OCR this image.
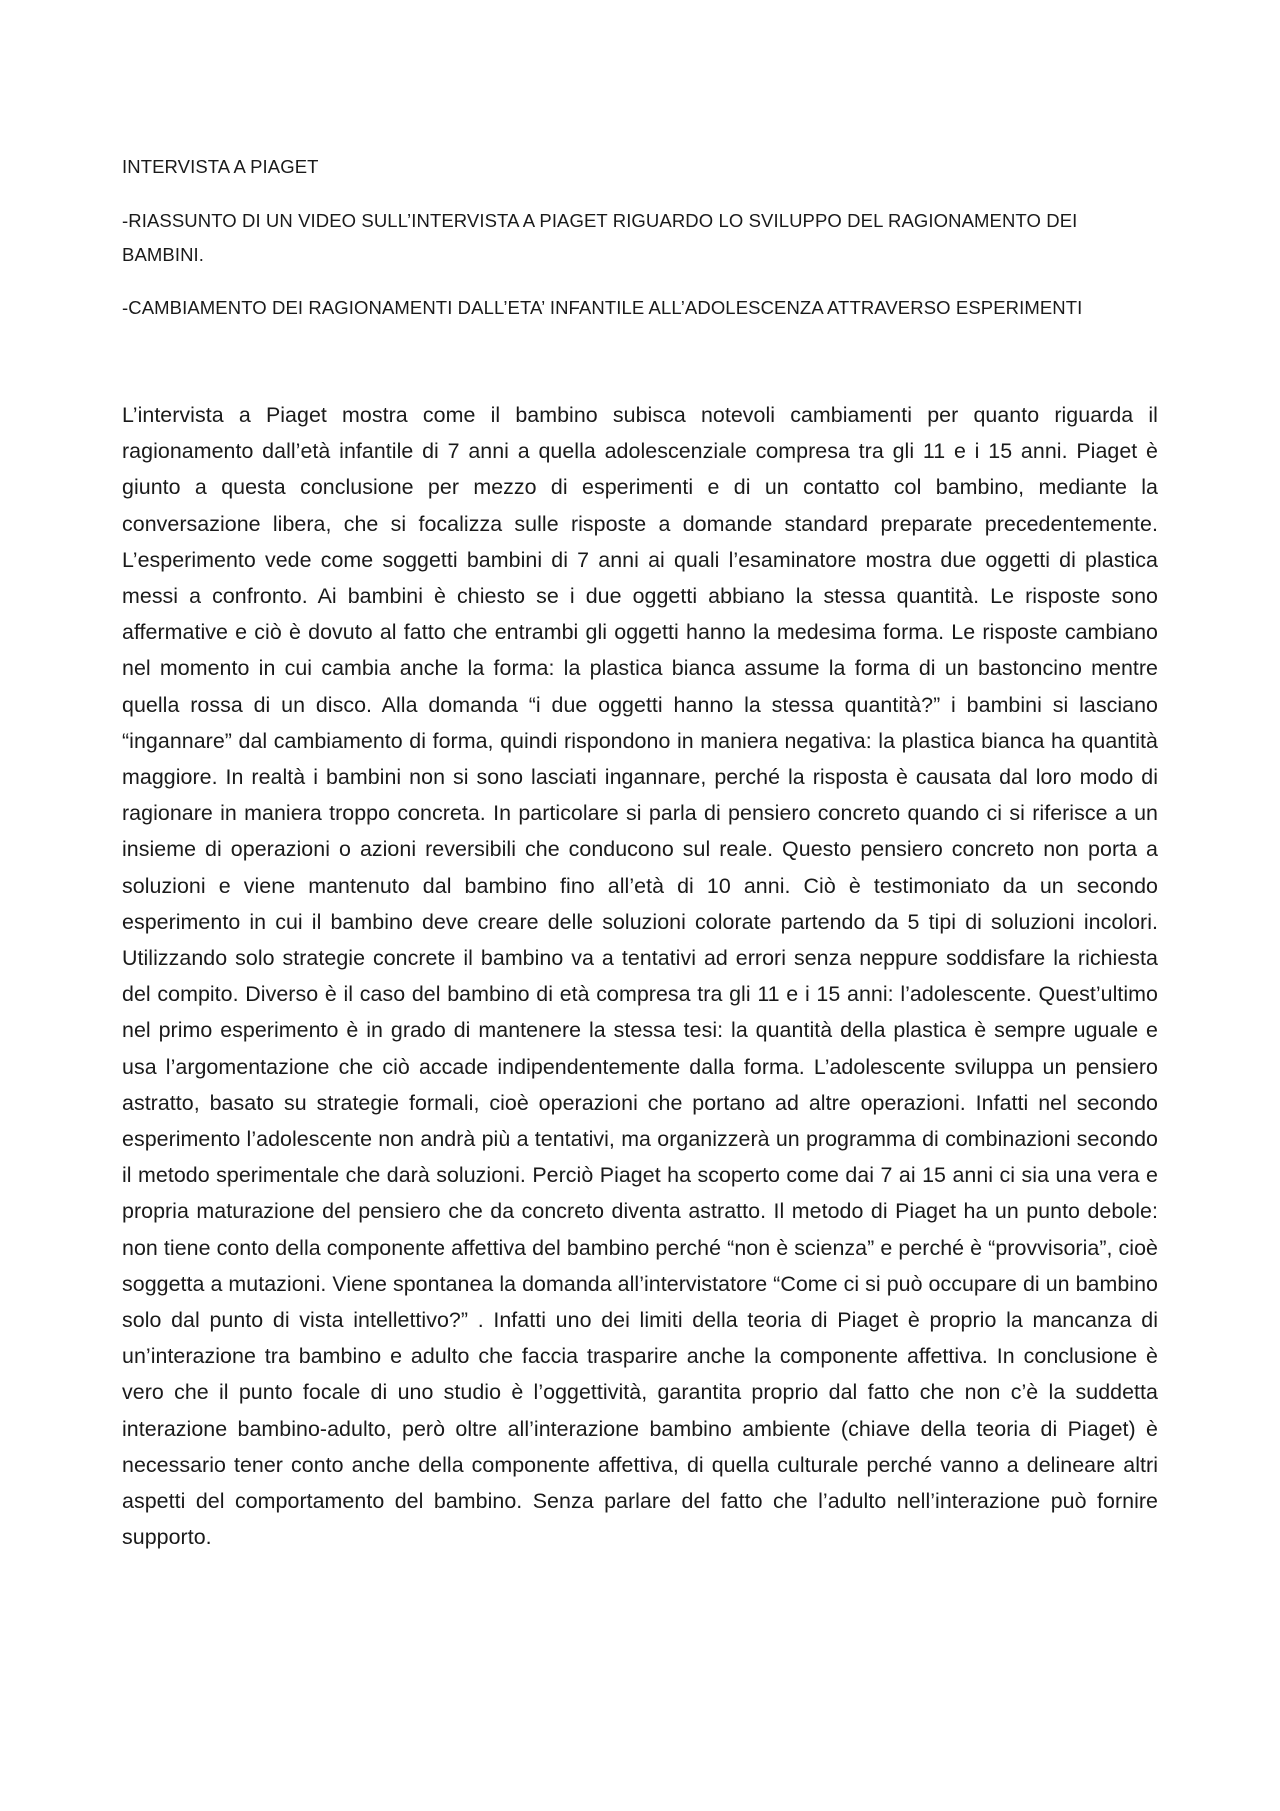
INTERVISTA A PIAGET

-RIASSUNTO DI UN VIDEO SULL’INTERVISTA A PIAGET RIGUARDO LO SVILUPPO DEL RAGIONAMENTO DEI BAMBINI.

-CAMBIAMENTO DEI RAGIONAMENTI DALL’ETA’ INFANTILE ALL’ADOLESCENZA ATTRAVERSO ESPERIMENTI

L’intervista a Piaget mostra come il bambino subisca notevoli cambiamenti per quanto riguarda il ragionamento dall’età infantile di 7 anni a quella adolescenziale compresa tra gli 11 e i 15 anni. Piaget è giunto a questa conclusione per mezzo di esperimenti e di un contatto col bambino, mediante la conversazione libera, che si focalizza sulle risposte a domande standard preparate precedentemente. L’esperimento vede come soggetti bambini di 7 anni ai quali l’esaminatore mostra due oggetti di plastica messi a confronto. Ai bambini è chiesto se i due oggetti abbiano la stessa quantità. Le risposte sono affermative e ciò è dovuto al fatto che entrambi gli oggetti hanno la medesima forma. Le risposte cambiano nel momento in cui cambia anche la forma: la plastica bianca assume la forma di un bastoncino mentre quella rossa di un disco. Alla domanda “i due oggetti hanno la stessa quantità?” i bambini si lasciano “ingannare” dal cambiamento di forma, quindi rispondono in maniera negativa: la plastica bianca ha quantità maggiore. In realtà i bambini non si sono lasciati ingannare, perché la risposta è causata dal loro modo di ragionare in maniera troppo concreta. In particolare si parla di pensiero concreto quando ci si riferisce a un insieme di operazioni o azioni reversibili che conducono sul reale. Questo pensiero concreto non porta a soluzioni e viene mantenuto dal bambino fino all’età di 10 anni. Ciò è testimoniato da un secondo esperimento in cui il bambino deve creare delle soluzioni colorate partendo da 5 tipi di soluzioni incolori. Utilizzando solo strategie concrete il bambino va a tentativi ad errori senza neppure soddisfare la richiesta del compito. Diverso è il caso del bambino di età compresa tra gli 11 e i 15 anni: l’adolescente. Quest’ultimo nel primo esperimento è in grado di mantenere la stessa tesi: la quantità della plastica è sempre uguale e usa l’argomentazione che ciò accade indipendentemente dalla forma. L’adolescente sviluppa un pensiero astratto, basato su strategie formali, cioè operazioni che portano ad altre operazioni. Infatti nel secondo esperimento l’adolescente non andrà più a tentativi, ma organizzerà un programma di combinazioni secondo il metodo sperimentale che darà soluzioni. Perciò Piaget ha scoperto come dai 7 ai 15 anni ci sia una vera e propria maturazione del pensiero che da concreto diventa astratto. Il metodo di Piaget ha un punto debole: non tiene conto della componente affettiva del bambino perché “non è scienza” e perché è “provvisoria”, cioè soggetta a mutazioni. Viene spontanea la domanda all’intervistatore “Come ci si può occupare di un bambino solo dal punto di vista intellettivo?” . Infatti uno dei limiti della teoria di Piaget è proprio la mancanza di un’interazione tra bambino e adulto che faccia trasparire anche la componente affettiva. In conclusione è vero che il punto focale di uno studio è l’oggettività, garantita proprio dal fatto che non c’è la suddetta interazione bambino-adulto, però oltre all’interazione bambino ambiente (chiave della teoria di Piaget) è necessario tener conto anche della componente affettiva, di quella culturale perché vanno a delineare altri aspetti del comportamento del bambino. Senza parlare del fatto che l’adulto nell’interazione può fornire supporto.
